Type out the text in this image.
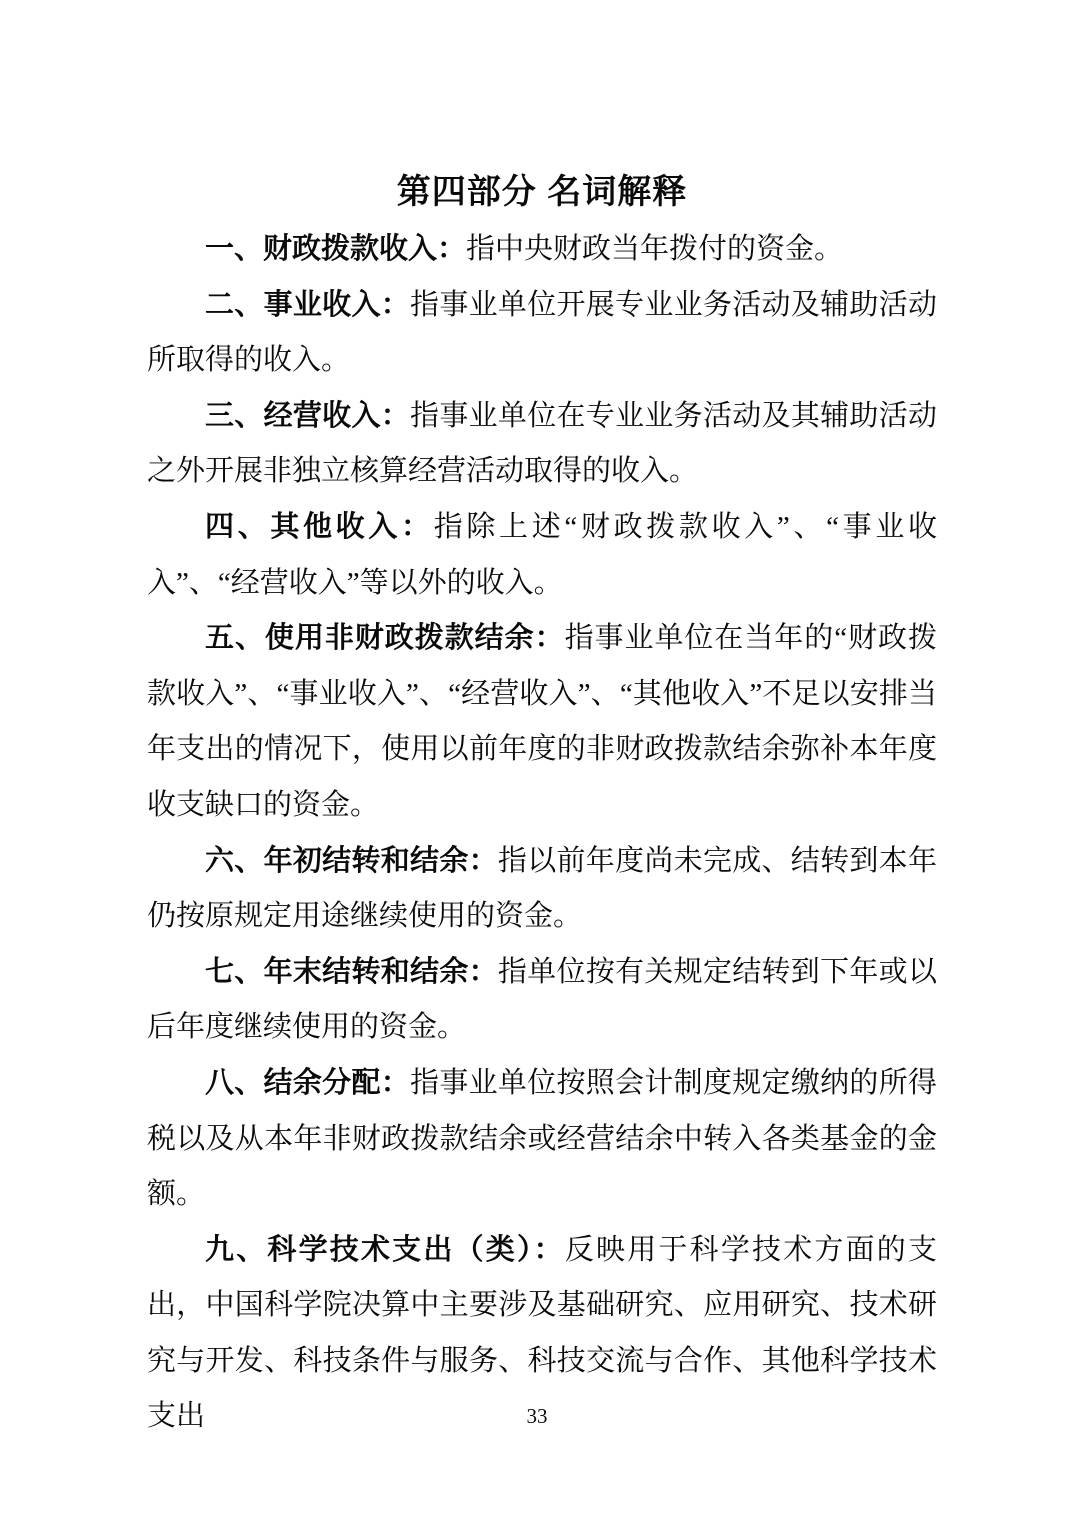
第四部分 名词解释

一、财政拨款收入：指中央财政当年拨付的资金。

二、事业收入：指事业单位开展专业业务活动及辅助活动所取得的收入。

三、经营收入：指事业单位在专业业务活动及其辅助活动之外开展非独立核算经营活动取得的收入。

四、其他收入：指除上述“财政拨款收入”、“事业收入”、“经营收入”等以外的收入。

五、使用非财政拨款结余：指事业单位在当年的“财政拨款收入”、“事业收入”、“经营收入”、“其他收入”不足以安排当年支出的情况下，使用以前年度的非财政拨款结余弥补本年度收支缺口的资金。

六、年初结转和结余：指以前年度尚未完成、结转到本年仍按原规定用途继续使用的资金。

七、年末结转和结余：指单位按有关规定结转到下年或以后年度继续使用的资金。

八、结余分配：指事业单位按照会计制度规定缴纳的所得税以及从本年非财政拨款结余或经营结余中转入各类基金的金额。

九、科学技术支出（类）：反映用于科学技术方面的支出，中国科学院决算中主要涉及基础研究、应用研究、技术研究与开发、科技条件与服务、科技交流与合作、其他科学技术支出	33
